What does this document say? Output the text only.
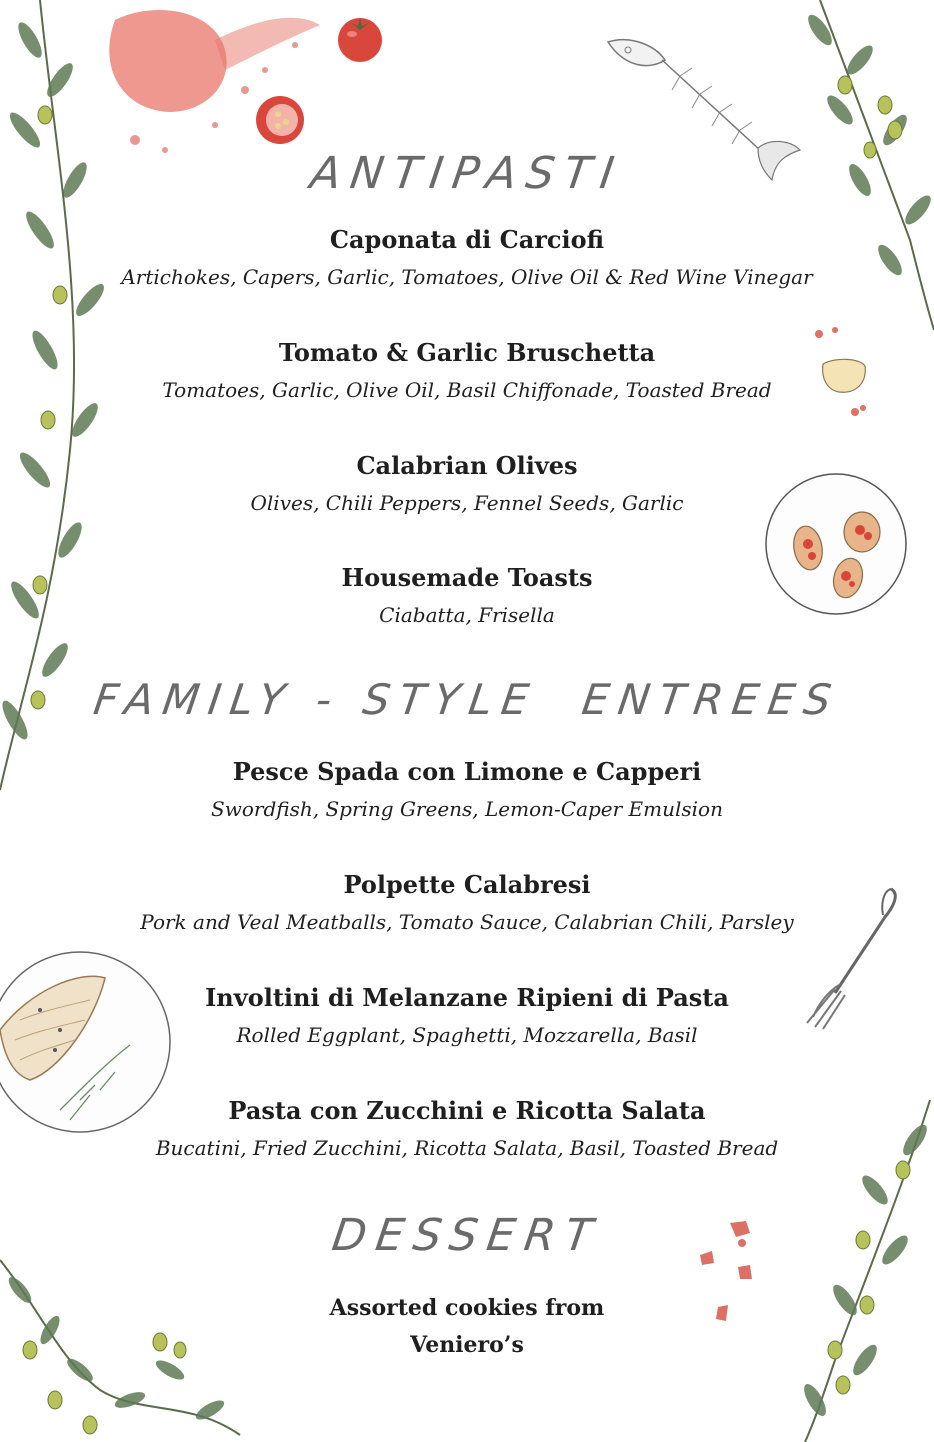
ANTIPASTI
Caponata di Carciofi
Artichokes, Capers, Garlic, Tomatoes, Olive Oil & Red Wine Vinegar
Tomato & Garlic Bruschetta
Tomatoes, Garlic, Olive Oil, Basil Chiffonade, Toasted Bread
Calabrian Olives
Olives, Chili Peppers, Fennel Seeds, Garlic
Housemade Toasts
Ciabatta, Frisella
FAMILY - STYLE  ENTREES
Pesce Spada con Limone e Capperi
Swordfish, Spring Greens, Lemon-Caper Emulsion
Polpette Calabresi
Pork and Veal Meatballs, Tomato Sauce, Calabrian Chili, Parsley
Involtini di Melanzane Ripieni di Pasta
Rolled Eggplant, Spaghetti, Mozzarella, Basil
Pasta con Zucchini e Ricotta Salata
Bucatini, Fried Zucchini, Ricotta Salata, Basil, Toasted Bread
DESSERT
Assorted cookies from
Veniero’s
